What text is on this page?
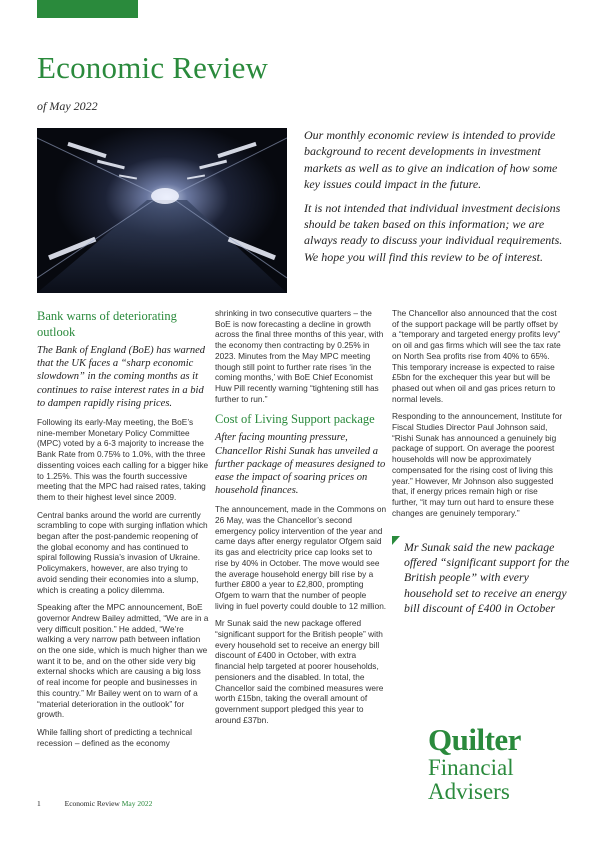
Economic Review
of May 2022

Our monthly economic review is intended to provide background to recent developments in investment markets as well as to give an indication of how some key issues could impact in the future.

It is not intended that individual investment decisions should be taken based on this information; we are always ready to discuss your individual requirements. We hope you will find this review to be of interest.

Bank warns of deteriorating outlook

The Bank of England (BoE) has warned that the UK faces a “sharp economic slowdown” in the coming months as it continues to raise interest rates in a bid to dampen rapidly rising prices.

Following its early-May meeting, the BoE’s nine-member Monetary Policy Committee (MPC) voted by a 6-3 majority to increase the Bank Rate from 0.75% to 1.0%, with the three dissenting voices each calling for a bigger hike to 1.25%. This was the fourth successive meeting that the MPC had raised rates, taking them to their highest level since 2009.

Central banks around the world are currently scrambling to cope with surging inflation which began after the post-pandemic reopening of the global economy and has continued to spiral following Russia’s invasion of Ukraine. Policymakers, however, are also trying to avoid sending their economies into a slump, which is creating a policy dilemma.

Speaking after the MPC announcement, BoE governor Andrew Bailey admitted, “We are in a very difficult position.” He added, “We’re walking a very narrow path between inflation on the one side, which is much higher than we want it to be, and on the other side very big external shocks which are causing a big loss of real income for people and businesses in this country.” Mr Bailey went on to warn of a “material deterioration in the outlook” for growth.

While falling short of predicting a technical recession – defined as the economy

shrinking in two consecutive quarters – the BoE is now forecasting a decline in growth across the final three months of this year, with the economy then contracting by 0.25% in 2023. Minutes from the May MPC meeting though still point to further rate rises ‘in the coming months,’ with BoE Chief Economist Huw Pill recently warning “tightening still has further to run.”

Cost of Living Support package

After facing mounting pressure, Chancellor Rishi Sunak has unveiled a further package of measures designed to ease the impact of soaring prices on household finances.

The announcement, made in the Commons on 26 May, was the Chancellor’s second emergency policy intervention of the year and came days after energy regulator Ofgem said its gas and electricity price cap looks set to rise by 40% in October. The move would see the average household energy bill rise by a further £800 a year to £2,800, prompting Ofgem to warn that the number of people living in fuel poverty could double to 12 million.

Mr Sunak said the new package offered “significant support for the British people” with every household set to receive an energy bill discount of £400 in October, with extra financial help targeted at poorer households, pensioners and the disabled. In total, the Chancellor said the combined measures were worth £15bn, taking the overall amount of government support pledged this year to around £37bn.

The Chancellor also announced that the cost of the support package will be partly offset by a “temporary and targeted energy profits levy” on oil and gas firms which will see the tax rate on North Sea profits rise from 40% to 65%. This temporary increase is expected to raise £5bn for the exchequer this year but will be phased out when oil and gas prices return to normal levels.

Responding to the announcement, Institute for Fiscal Studies Director Paul Johnson said, “Rishi Sunak has announced a genuinely big package of support. On average the poorest households will now be approximately compensated for the rising cost of living this year.” However, Mr Johnson also suggested that, if energy prices remain high or rise further, “it may turn out hard to ensure these changes are genuinely temporary.”

Mr Sunak said the new package offered “significant support for the British people” with every household set to receive an energy bill discount of £400 in October
Quilter
Financial
Advisers
1	Economic Review May 2022
